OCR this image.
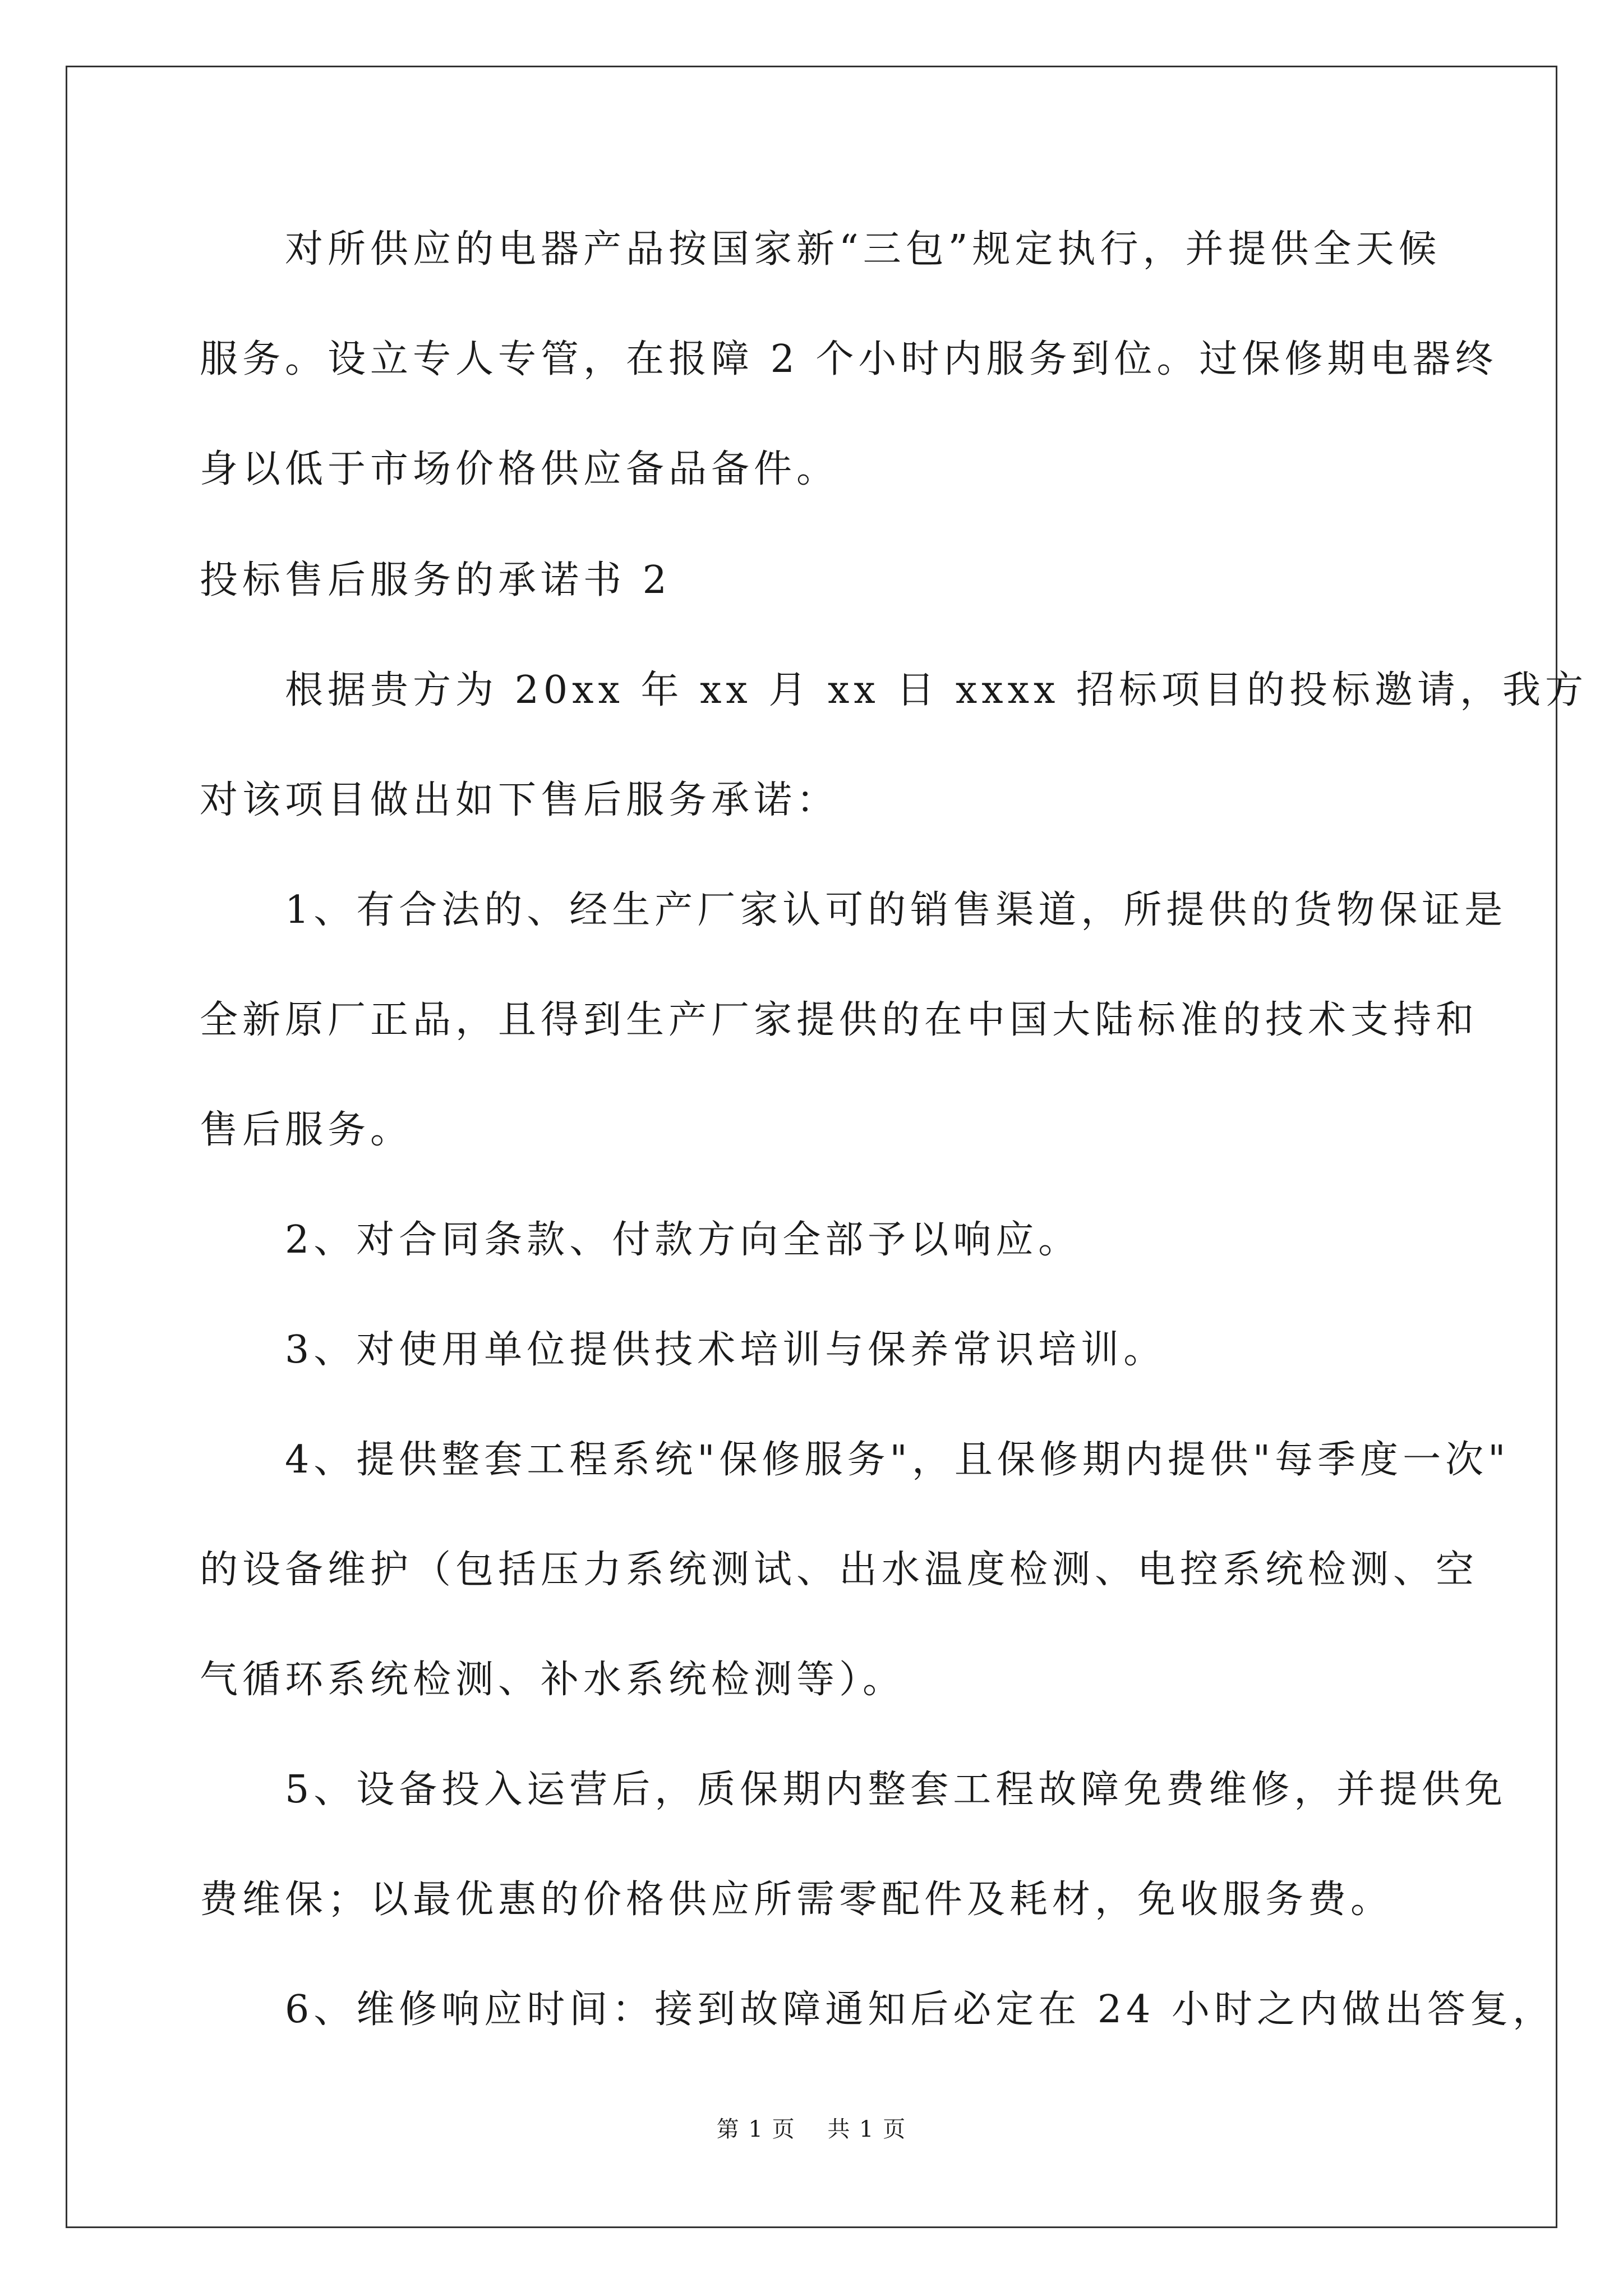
　　对所供应的电器产品按国家新“三包”规定执行，并提供全天候
服务。设立专人专管，在报障 2 个小时内服务到位。过保修期电器终
身以低于市场价格供应备品备件。
投标售后服务的承诺书 2
　　根据贵方为 20xx 年 xx 月 xx 日 xxxx 招标项目的投标邀请，我方
对该项目做出如下售后服务承诺：
　　1、有合法的、经生产厂家认可的销售渠道，所提供的货物保证是
全新原厂正品，且得到生产厂家提供的在中国大陆标准的技术支持和
售后服务。
　　2、对合同条款、付款方向全部予以响应。
　　3、对使用单位提供技术培训与保养常识培训。
　　4、提供整套工程系统"保修服务"，且保修期内提供"每季度一次"
的设备维护（包括压力系统测试、出水温度检测、电控系统检测、空
气循环系统检测、补水系统检测等）。
　　5、设备投入运营后，质保期内整套工程故障免费维修，并提供免
费维保；以最优惠的价格供应所需零配件及耗材，免收服务费。
　　6、维修响应时间：接到故障通知后必定在 24 小时之内做出答复，
第 1 页　 共 1 页
